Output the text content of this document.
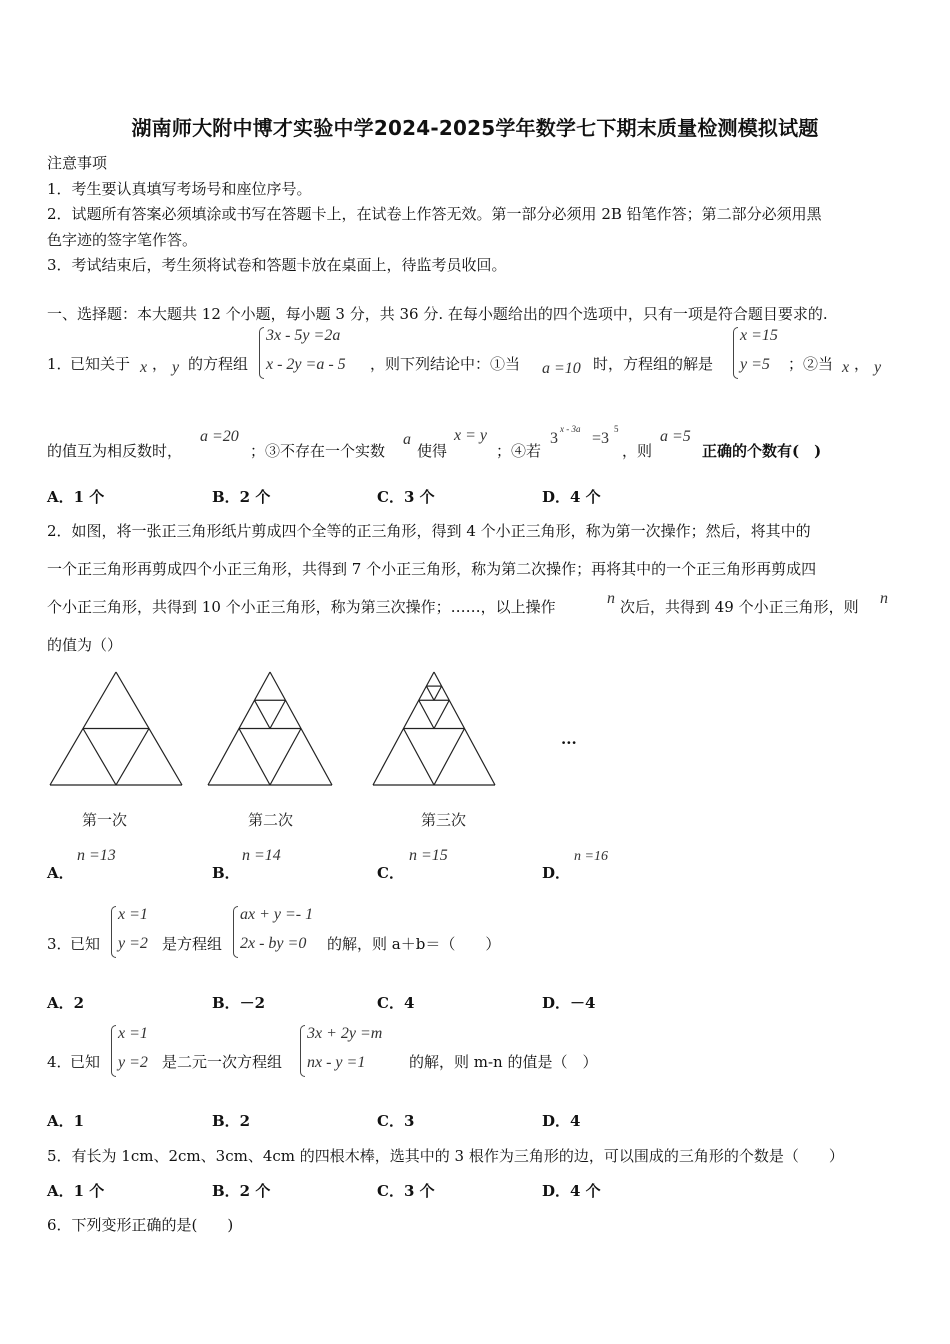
湖南师大附中博才实验中学2024-2025学年数学七下期末质量检测模拟试题
注意事项
1．考生要认真填写考场号和座位序号。
2．试题所有答案必须填涂或书写在答题卡上，在试卷上作答无效。第一部分必须用 2B 铅笔作答；第二部分必须用黑
色字迹的签字笔作答。
3．考试结束后，考生须将试卷和答题卡放在桌面上，待监考员收回。
一、选择题：本大题共 12 个小题，每小题 3 分，共 36 分. 在每小题给出的四个选项中，只有一项是符合题目要求的.
1．
已知关于 x ， y 的方程组
3x - 5y =2a
x - 2y =a - 5 ，则下列结论中：①当 a =10 时，方程组的解是
x =15
y =5 ；②当 x ， y
的值互为相反数时，
a =20
；③不存在一个实数
a
使得
x = y
；④若
3
x - 3a
=3
5
，则
a =5
正确的个数有(　)
A．1 个	B．2 个	C．3 个	D．4 个
2．如图，将一张正三角形纸片剪成四个全等的正三角形，得到 4 个小正三角形，称为第一次操作；然后，将其中的
一个正三角形再剪成四个小正三角形，共得到 7 个小正三角形，称为第二次操作；再将其中的一个正三角形再剪成四
个小正三角形，共得到 10 个小正三角形，称为第三次操作；……，以上操作	n 次后，共得到 49 个小正三角形，则 n
的值为（）
...
第一次	第二次	第三次
A．
n =13
B．
n =14
C．
n =15
D．
n =16
3．
已知
x =1
y =2 是方程组
ax + y =- 1
2x - by =0 的解，则 a＋b＝（　　）
A．2	B．－2	C．4	D．－4
4．
已知
x =1
y =2 是二元一次方程组
3x + 2y =m
nx - y =1	的解，则 m-n 的值是（　）
A．1	B．2	C．3	D．4
5．有长为 1cm、2cm、3cm、4cm 的四根木棒，选其中的 3 根作为三角形的边，可以围成的三角形的个数是（　　）
A．1 个	B．2 个	C．3 个	D．4 个
6．下列变形正确的是(　　)
